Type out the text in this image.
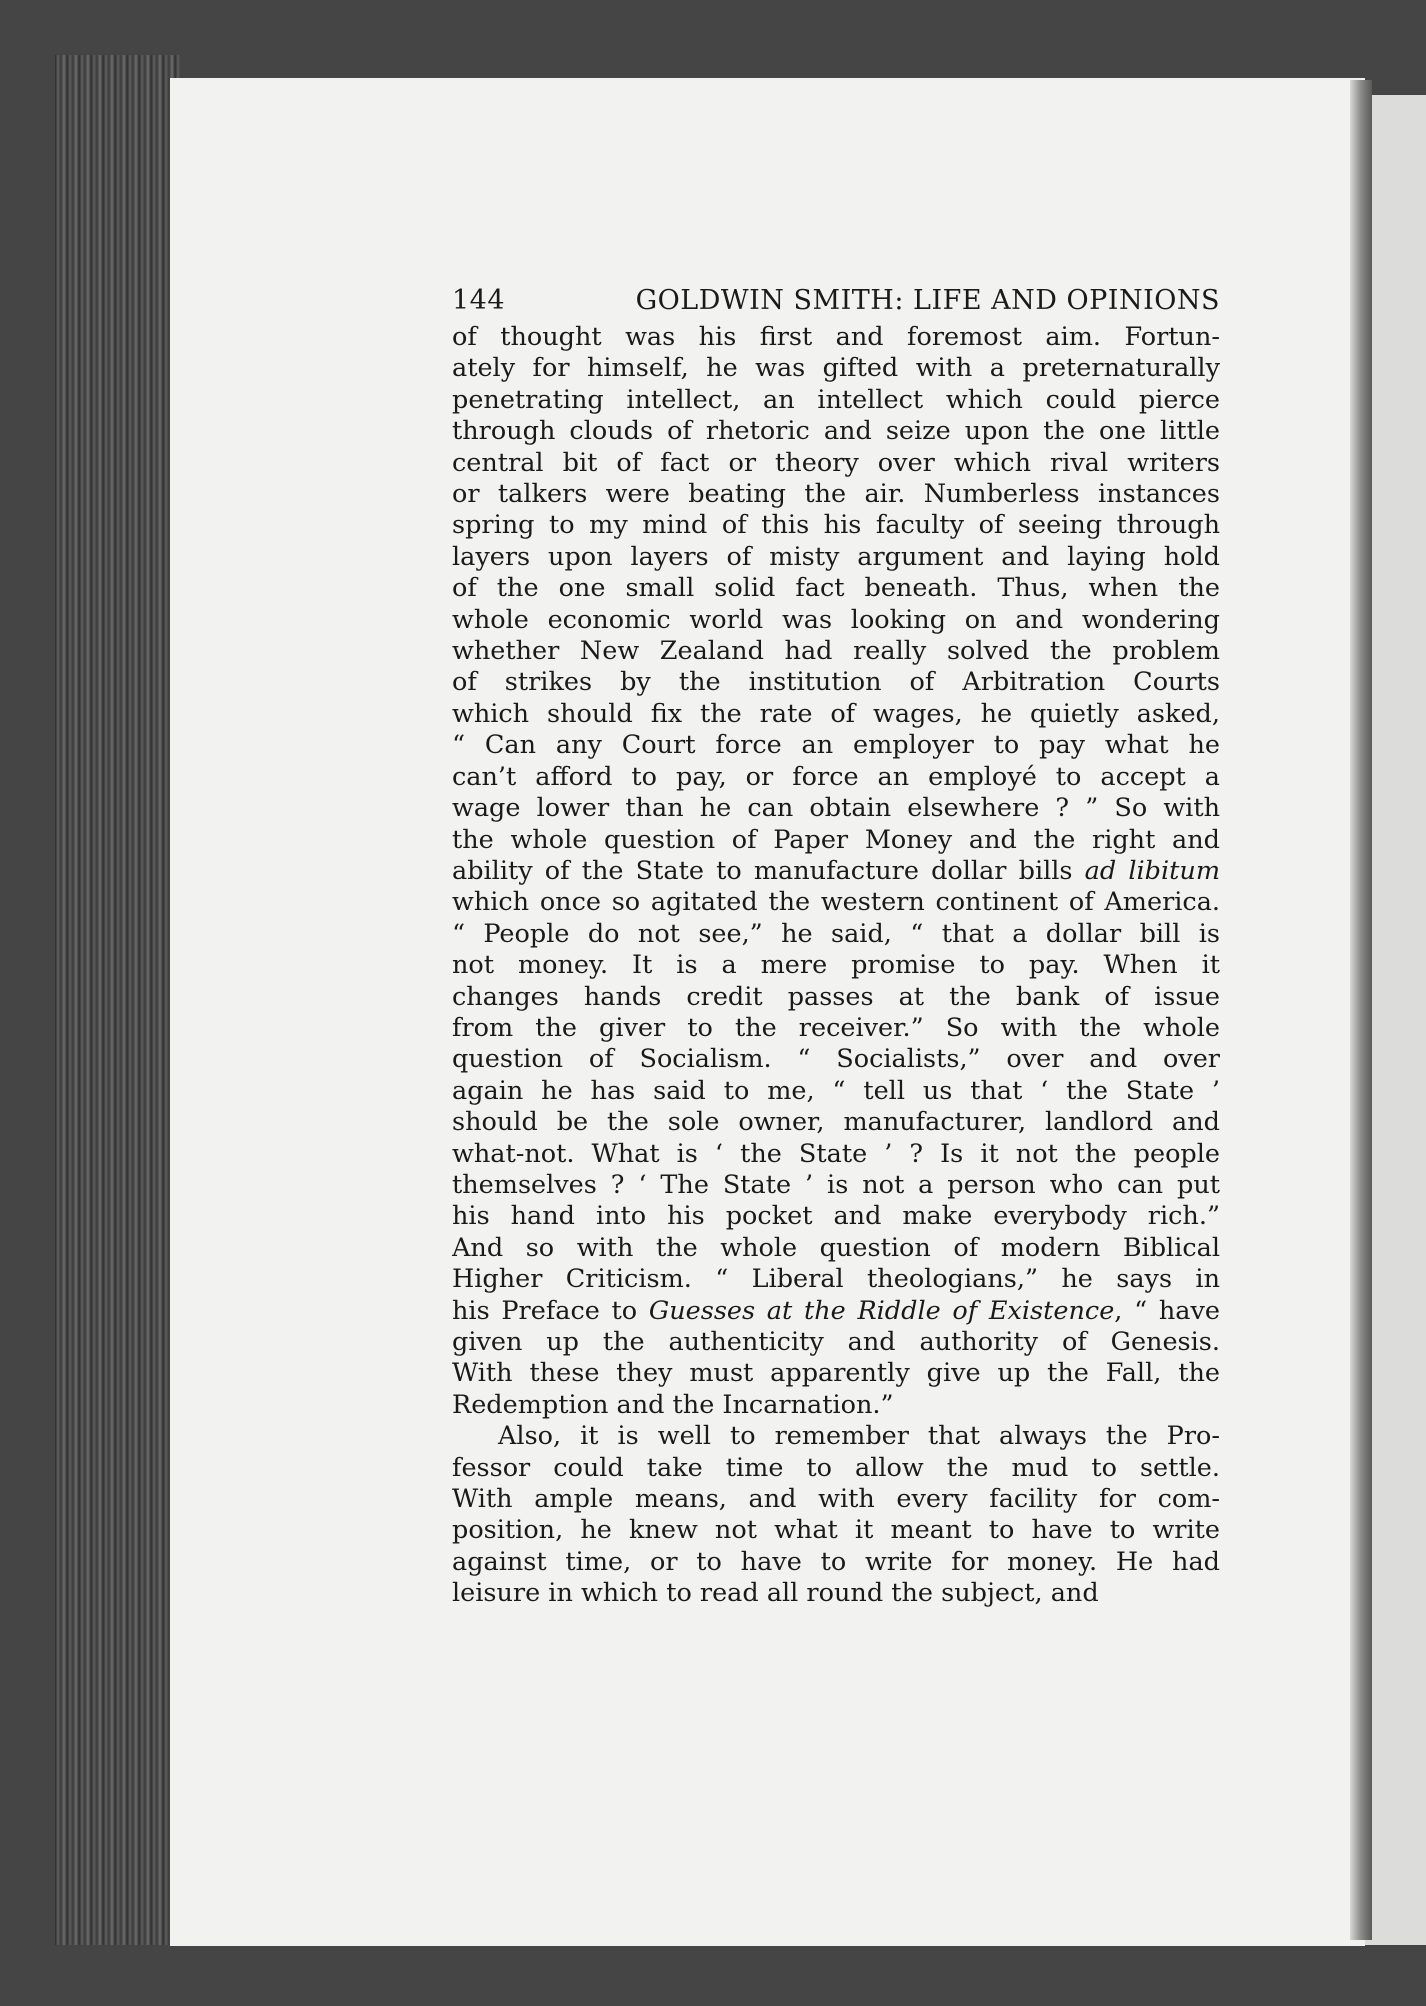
144	GOLDWIN SMITH: LIFE AND OPINIONS
of thought was his first and foremost aim. Fortun-
ately for himself, he was gifted with a preternaturally
penetrating intellect, an intellect which could pierce
through clouds of rhetoric and seize upon the one little
central bit of fact or theory over which rival writers
or talkers were beating the air. Numberless instances
spring to my mind of this his faculty of seeing through
layers upon layers of misty argument and laying hold
of the one small solid fact beneath. Thus, when the
whole economic world was looking on and wondering
whether New Zealand had really solved the problem
of strikes by the institution of Arbitration Courts
which should fix the rate of wages, he quietly asked,
“ Can any Court force an employer to pay what he
can’t afford to pay, or force an employé to accept a
wage lower than he can obtain elsewhere ? ” So with
the whole question of Paper Money and the right and
ability of the State to manufacture dollar bills ad libitum
which once so agitated the western continent of America.
“ People do not see,” he said, “ that a dollar bill is
not money. It is a mere promise to pay. When it
changes hands credit passes at the bank of issue
from the giver to the receiver.” So with the whole
question of Socialism. “ Socialists,” over and over
again he has said to me, “ tell us that ‘ the State ’
should be the sole owner, manufacturer, landlord and
what-not. What is ‘ the State ’ ? Is it not the people
themselves ? ‘ The State ’ is not a person who can put
his hand into his pocket and make everybody rich.”
And so with the whole question of modern Biblical
Higher Criticism. “ Liberal theologians,” he says in
his Preface to Guesses at the Riddle of Existence, “ have
given up the authenticity and authority of Genesis.
With these they must apparently give up the Fall, the
Redemption and the Incarnation.”
Also, it is well to remember that always the Pro-
fessor could take time to allow the mud to settle.
With ample means, and with every facility for com-
position, he knew not what it meant to have to write
against time, or to have to write for money. He had
leisure in which to read all round the subject, and
